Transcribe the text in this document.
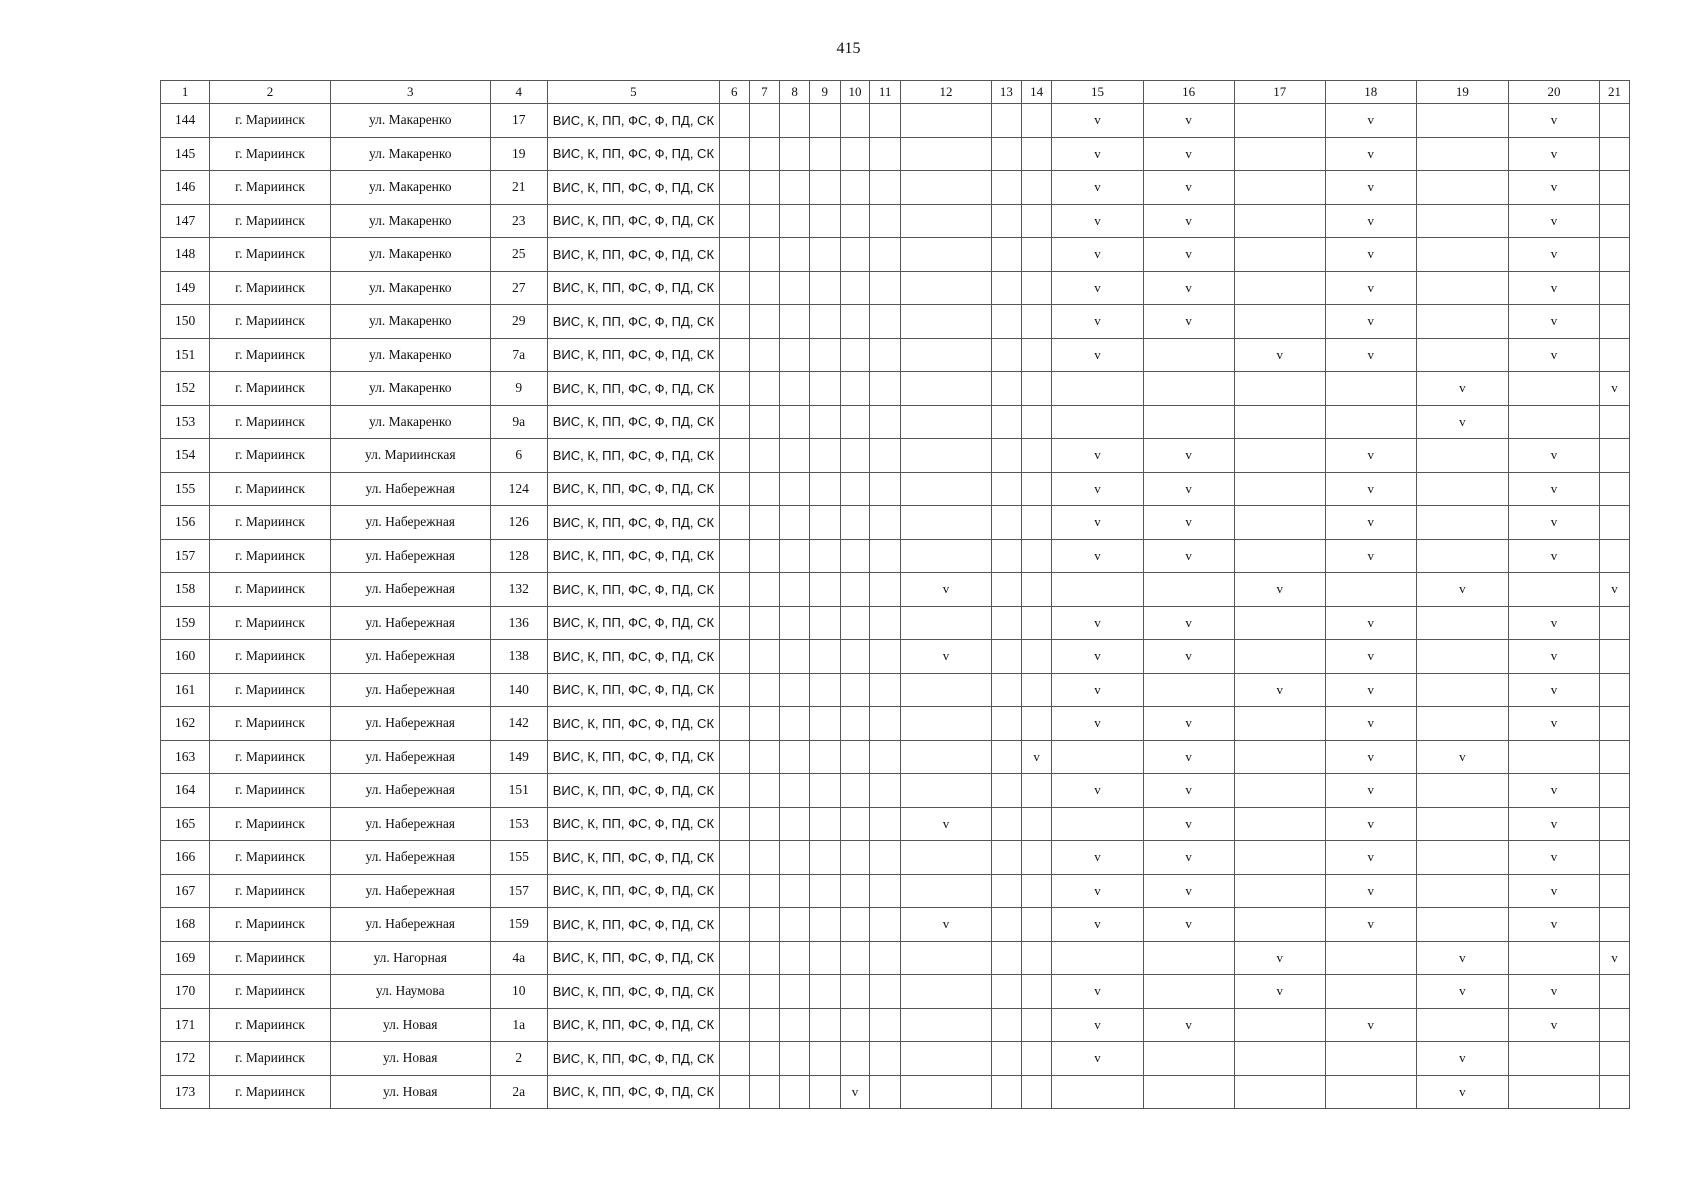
415
1	2	3	4	5	6	7	8	9	10	11	12	13	14	15	16	17	18	19	20	21
144	г. Мариинск	ул. Макаренко	17	ВИС, К, ПП, ФС, Ф, ПД, СК										v	v		v		v	
145	г. Мариинск	ул. Макаренко	19	ВИС, К, ПП, ФС, Ф, ПД, СК										v	v		v		v	
146	г. Мариинск	ул. Макаренко	21	ВИС, К, ПП, ФС, Ф, ПД, СК										v	v		v		v	
147	г. Мариинск	ул. Макаренко	23	ВИС, К, ПП, ФС, Ф, ПД, СК										v	v		v		v	
148	г. Мариинск	ул. Макаренко	25	ВИС, К, ПП, ФС, Ф, ПД, СК										v	v		v		v	
149	г. Мариинск	ул. Макаренко	27	ВИС, К, ПП, ФС, Ф, ПД, СК										v	v		v		v	
150	г. Мариинск	ул. Макаренко	29	ВИС, К, ПП, ФС, Ф, ПД, СК										v	v		v		v	
151	г. Мариинск	ул. Макаренко	7а	ВИС, К, ПП, ФС, Ф, ПД, СК										v		v	v		v	
152	г. Мариинск	ул. Макаренко	9	ВИС, К, ПП, ФС, Ф, ПД, СК														v		v
153	г. Мариинск	ул. Макаренко	9а	ВИС, К, ПП, ФС, Ф, ПД, СК														v		
154	г. Мариинск	ул. Мариинская	6	ВИС, К, ПП, ФС, Ф, ПД, СК										v	v		v		v	
155	г. Мариинск	ул. Набережная	124	ВИС, К, ПП, ФС, Ф, ПД, СК										v	v		v		v	
156	г. Мариинск	ул. Набережная	126	ВИС, К, ПП, ФС, Ф, ПД, СК										v	v		v		v	
157	г. Мариинск	ул. Набережная	128	ВИС, К, ПП, ФС, Ф, ПД, СК										v	v		v		v	
158	г. Мариинск	ул. Набережная	132	ВИС, К, ПП, ФС, Ф, ПД, СК							v					v		v		v
159	г. Мариинск	ул. Набережная	136	ВИС, К, ПП, ФС, Ф, ПД, СК										v	v		v		v	
160	г. Мариинск	ул. Набережная	138	ВИС, К, ПП, ФС, Ф, ПД, СК							v			v	v		v		v	
161	г. Мариинск	ул. Набережная	140	ВИС, К, ПП, ФС, Ф, ПД, СК										v		v	v		v	
162	г. Мариинск	ул. Набережная	142	ВИС, К, ПП, ФС, Ф, ПД, СК										v	v		v		v	
163	г. Мариинск	ул. Набережная	149	ВИС, К, ПП, ФС, Ф, ПД, СК									v		v		v	v		
164	г. Мариинск	ул. Набережная	151	ВИС, К, ПП, ФС, Ф, ПД, СК										v	v		v		v	
165	г. Мариинск	ул. Набережная	153	ВИС, К, ПП, ФС, Ф, ПД, СК							v				v		v		v	
166	г. Мариинск	ул. Набережная	155	ВИС, К, ПП, ФС, Ф, ПД, СК										v	v		v		v	
167	г. Мариинск	ул. Набережная	157	ВИС, К, ПП, ФС, Ф, ПД, СК										v	v		v		v	
168	г. Мариинск	ул. Набережная	159	ВИС, К, ПП, ФС, Ф, ПД, СК							v			v	v		v		v	
169	г. Мариинск	ул. Нагорная	4а	ВИС, К, ПП, ФС, Ф, ПД, СК												v		v		v
170	г. Мариинск	ул. Наумова	10	ВИС, К, ПП, ФС, Ф, ПД, СК										v		v		v	v	
171	г. Мариинск	ул. Новая	1а	ВИС, К, ПП, ФС, Ф, ПД, СК										v	v		v		v	
172	г. Мариинск	ул. Новая	2	ВИС, К, ПП, ФС, Ф, ПД, СК										v				v		
173	г. Мариинск	ул. Новая	2а	ВИС, К, ПП, ФС, Ф, ПД, СК					v									v		
